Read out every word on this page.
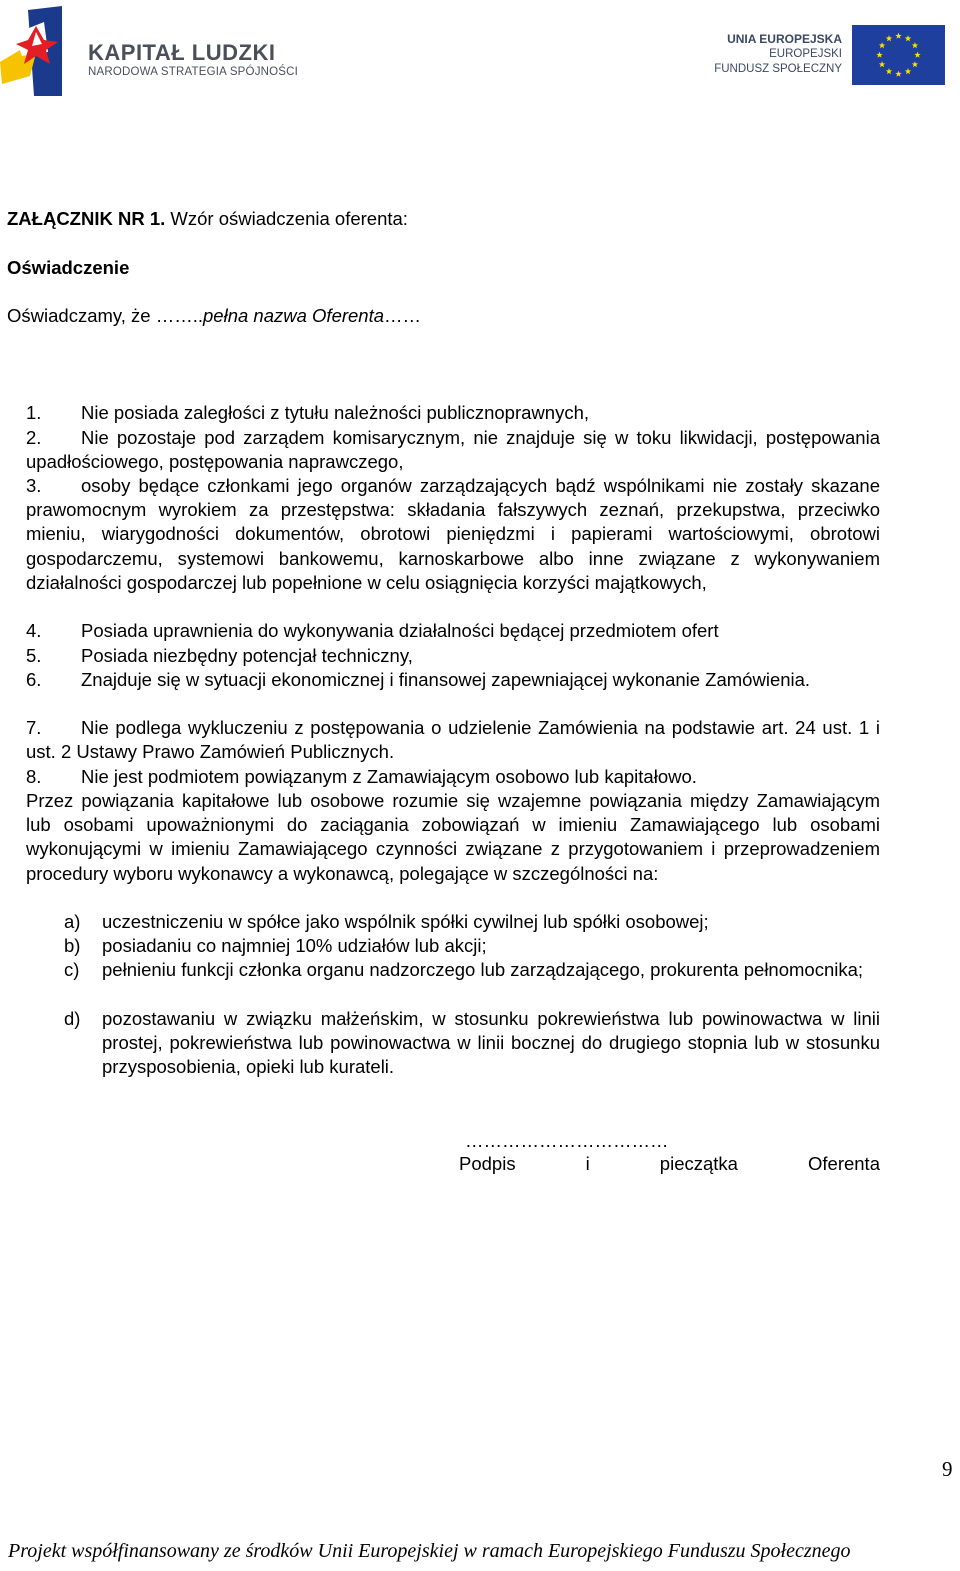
KAPITAŁ LUDZKI
NARODOWA STRATEGIA SPÓJNOŚCI
UNIA EUROPEJSKA
EUROPEJSKI
FUNDUSZ SPOŁECZNY
ZAŁĄCZNIK NR 1. Wzór oświadczenia oferenta:
Oświadczenie
Oświadczamy, że ……..pełna nazwa Oferenta……
1. Nie posiada zaległości z tytułu należności publicznoprawnych,
2. Nie pozostaje pod zarządem komisarycznym, nie znajduje się w toku likwidacji, postępowania upadłościowego, postępowania naprawczego,
3. osoby będące członkami jego organów zarządzających bądź wspólnikami nie zostały skazane prawomocnym wyrokiem za przestępstwa: składania fałszywych zeznań, przekupstwa, przeciwko mieniu, wiarygodności dokumentów, obrotowi pieniędzmi i papierami wartościowymi, obrotowi gospodarczemu, systemowi bankowemu, karnoskarbowe albo inne związane z wykonywaniem działalności gospodarczej lub popełnione w celu osiągnięcia korzyści majątkowych,
4. Posiada uprawnienia do wykonywania działalności będącej przedmiotem ofert
5. Posiada niezbędny potencjał techniczny,
6. Znajduje się w sytuacji ekonomicznej i finansowej zapewniającej wykonanie Zamówienia.
7. Nie podlega wykluczeniu z postępowania o udzielenie Zamówienia na podstawie art. 24 ust. 1 i ust. 2 Ustawy Prawo Zamówień Publicznych.
8. Nie jest podmiotem powiązanym z Zamawiającym osobowo lub kapitałowo.
Przez powiązania kapitałowe lub osobowe rozumie się wzajemne powiązania między Zamawiającym lub osobami upoważnionymi do zaciągania zobowiązań w imieniu Zamawiającego lub osobami wykonującymi w imieniu Zamawiającego czynności związane z przygotowaniem i przeprowadzeniem procedury wyboru wykonawcy a wykonawcą, polegające w szczególności na:
a) uczestniczeniu w spółce jako wspólnik spółki cywilnej lub spółki osobowej;
b) posiadaniu co najmniej 10% udziałów lub akcji;
c) pełnieniu funkcji członka organu nadzorczego lub zarządzającego, prokurenta pełnomocnika;
d) pozostawaniu w związku małżeńskim, w stosunku pokrewieństwa lub powinowactwa w linii prostej, pokrewieństwa lub powinowactwa w linii bocznej do drugiego stopnia lub w stosunku przysposobienia, opieki lub kurateli.
……………………………
Podpis i pieczątka Oferenta
9
Projekt współfinansowany ze środków Unii Europejskiej w ramach Europejskiego Funduszu Społecznego
